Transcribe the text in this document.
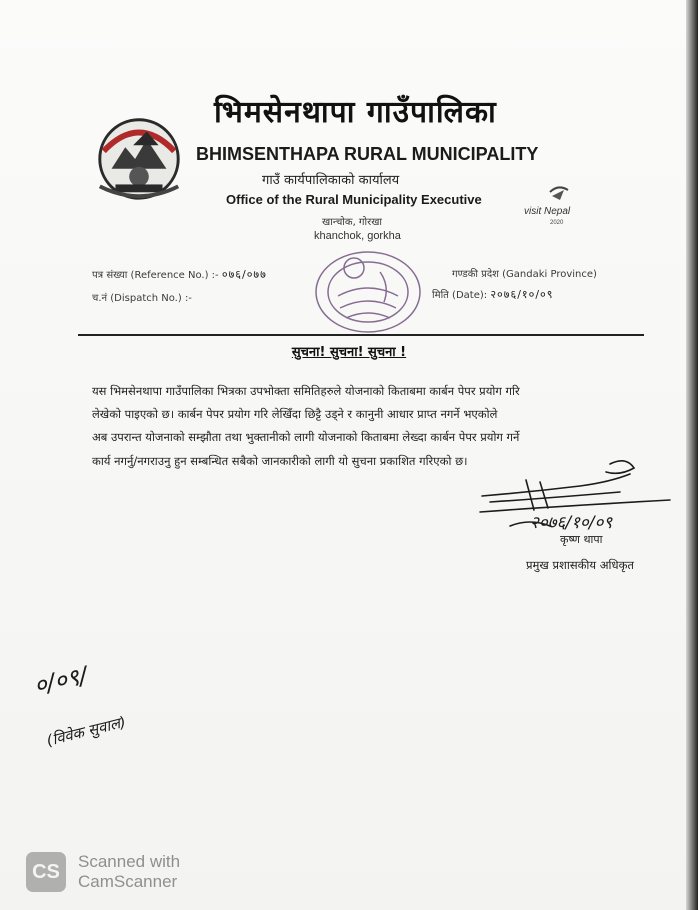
भिमसेनथापा गाउँपालिका
BHIMSENTHAPA RURAL MUNICIPALITY
गाउँ कार्यपालिकाको कार्यालय
Office of the Rural Municipality Executive
खान्चोक, गोरखा
khanchok, gorkha
visit Nepal
2020
पत्र संख्या (Reference No.) :- ०७६/०७७
च.नं (Dispatch No.) :-
गण्डकी प्रदेश (Gandaki Province)
मिति (Date): २०७६/१०/०९
सुचना! सुचना! सुचना !
यस भिमसेनथापा गाउँपालिका भित्रका उपभोक्ता समितिहरुले योजनाको किताबमा कार्बन पेपर प्रयोग गरि
लेखेको पाइएको छ। कार्बन पेपर प्रयोग गरि लेखिँदा छिट्टै उड्ने र कानुनी आधार प्राप्त नगर्ने भएकोले
अब उपरान्त योजनाको सम्झौता तथा भुक्तानीको लागी योजनाको किताबमा लेख्दा कार्बन पेपर प्रयोग गर्ने
कार्य नगर्नु/नगराउनु हुन सम्बन्धित सबैको जानकारीको लागी यो सुचना प्रकाशित गरिएको छ।
२०७६/१०/०९
कृष्ण थापा
प्रमुख प्रशासकीय अधिकृत
०/०९/
(विवेक सुवाल)
CS	Scanned with
CamScanner
